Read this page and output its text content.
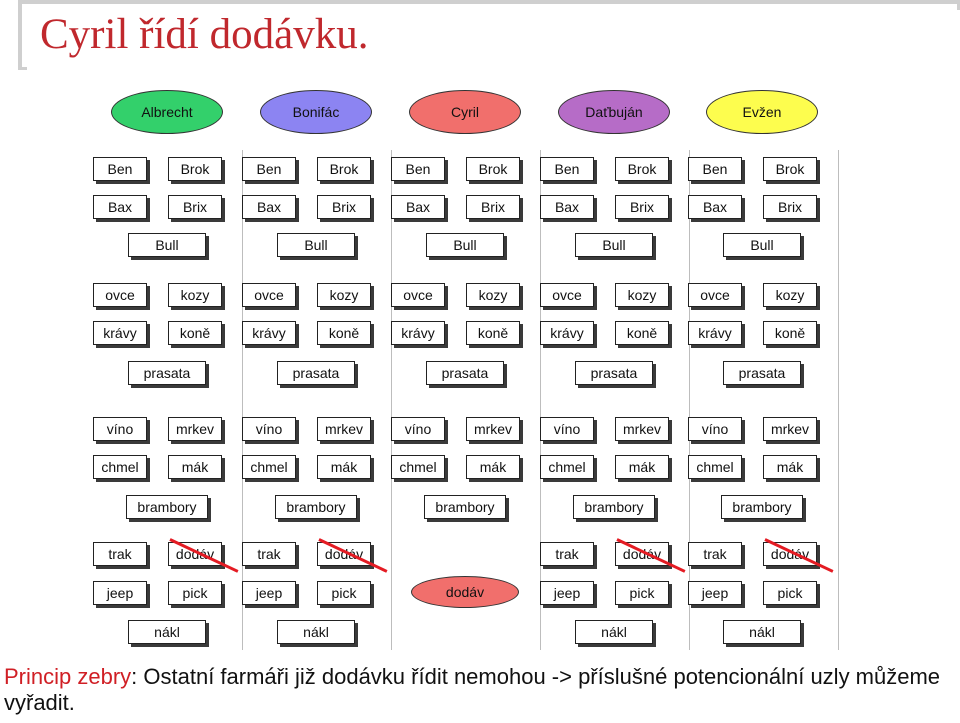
Cyril řídí dodávku.
Albrecht	Bonifác	Cyril	Daťbuján	Evžen
Ben	Brok
Bax	Brix
Bull
Ben	Brok
Bax	Brix
Bull
Ben	Brok
Bax	Brix
Bull
Ben	Brok
Bax	Brix
Bull
Ben	Brok
Bax	Brix
Bull
ovce	kozy
krávy	koně
prasata
ovce	kozy
krávy	koně
prasata
ovce	kozy
krávy	koně
prasata
ovce	kozy
krávy	koně
prasata
ovce	kozy
krávy	koně
prasata
víno	mrkev
chmel	mák
brambory
víno	mrkev
chmel	mák
brambory
víno	mrkev
chmel	mák
brambory
víno	mrkev
chmel	mák
brambory
víno	mrkev
chmel	mák
brambory
trak	dodáv
jeep	pick
nákl
trak	dodáv
jeep	pick
nákl
dodáv
trak	dodáv
jeep	pick
nákl
trak	dodáv
jeep	pick
nákl
Princip zebry: Ostatní farmáři již dodávku řídit nemohou -> příslušné potencionální uzly můžeme vyřadit.
